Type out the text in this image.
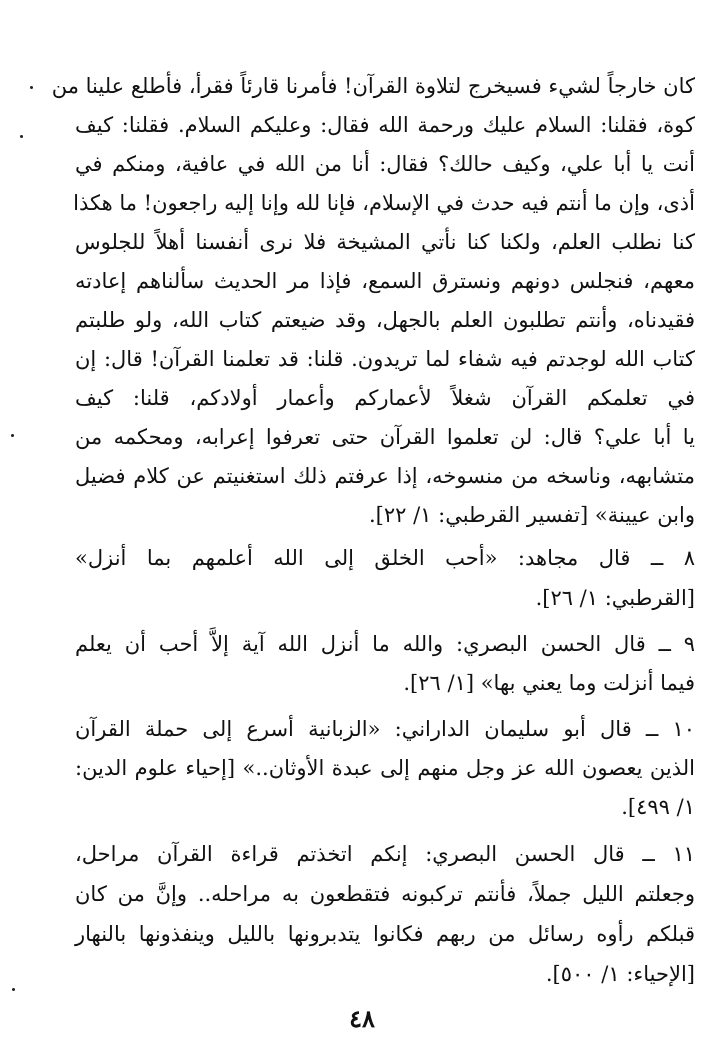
كان خارجاً لشيء فسيخرج لتلاوة القرآن! فأمرنا قارئاً فقرأ، فأطلع علينا من
كوة، فقلنا: السلام عليك ورحمة الله فقال: وعليكم السلام. فقلنا: كيف
أنت يا أبا علي، وكيف حالك؟ فقال: أنا من الله في عافية، ومنكم في
أذى، وإن ما أنتم فيه حدث في الإسلام، فإنا لله وإنا إليه راجعون! ما هكذا
كنا نطلب العلم، ولكنا كنا نأتي المشيخة فلا نرى أنفسنا أهلاً للجلوس
معهم، فنجلس دونهم ونسترق السمع، فإذا مر الحديث سألناهم إعادته
فقيدناه، وأنتم تطلبون العلم بالجهل، وقد ضيعتم كتاب الله، ولو طلبتم
كتاب الله لوجدتم فيه شفاء لما تريدون. قلنا: قد تعلمنا القرآن! قال: إن
في تعلمكم القرآن شغلاً لأعماركم وأعمار أولادكم، قلنا: كيف
يا أبا علي؟ قال: لن تعلموا القرآن حتى تعرفوا إعرابه، ومحكمه من
متشابهه، وناسخه من منسوخه، إذا عرفتم ذلك استغنيتم عن كلام فضيل
وابن عيينة» [تفسير القرطبي: ١/ ٢٢].
٨ ــ قال مجاهد: «أحب الخلق إلى الله أعلمهم بما أنزل»
[القرطبي: ١/ ٢٦].
٩ ــ قال الحسن البصري: والله ما أنزل الله آية إلاَّ أحب أن يعلم
فيما أنزلت وما يعني بها» [١/ ٢٦].
١٠ ــ قال أبو سليمان الداراني: «الزبانية أسرع إلى حملة القرآن
الذين يعصون الله عز وجل منهم إلى عبدة الأوثان..» [إحياء علوم الدين:
١/ ٤٩٩].
١١ ــ قال الحسن البصري: إنكم اتخذتم قراءة القرآن مراحل،
وجعلتم الليل جملاً، فأنتم تركبونه فتقطعون به مراحله.. وإنَّ من كان
قبلكم رأوه رسائل من ربهم فكانوا يتدبرونها بالليل وينفذونها بالنهار
[الإحياء: ١/ ٥٠٠].
٤٨
